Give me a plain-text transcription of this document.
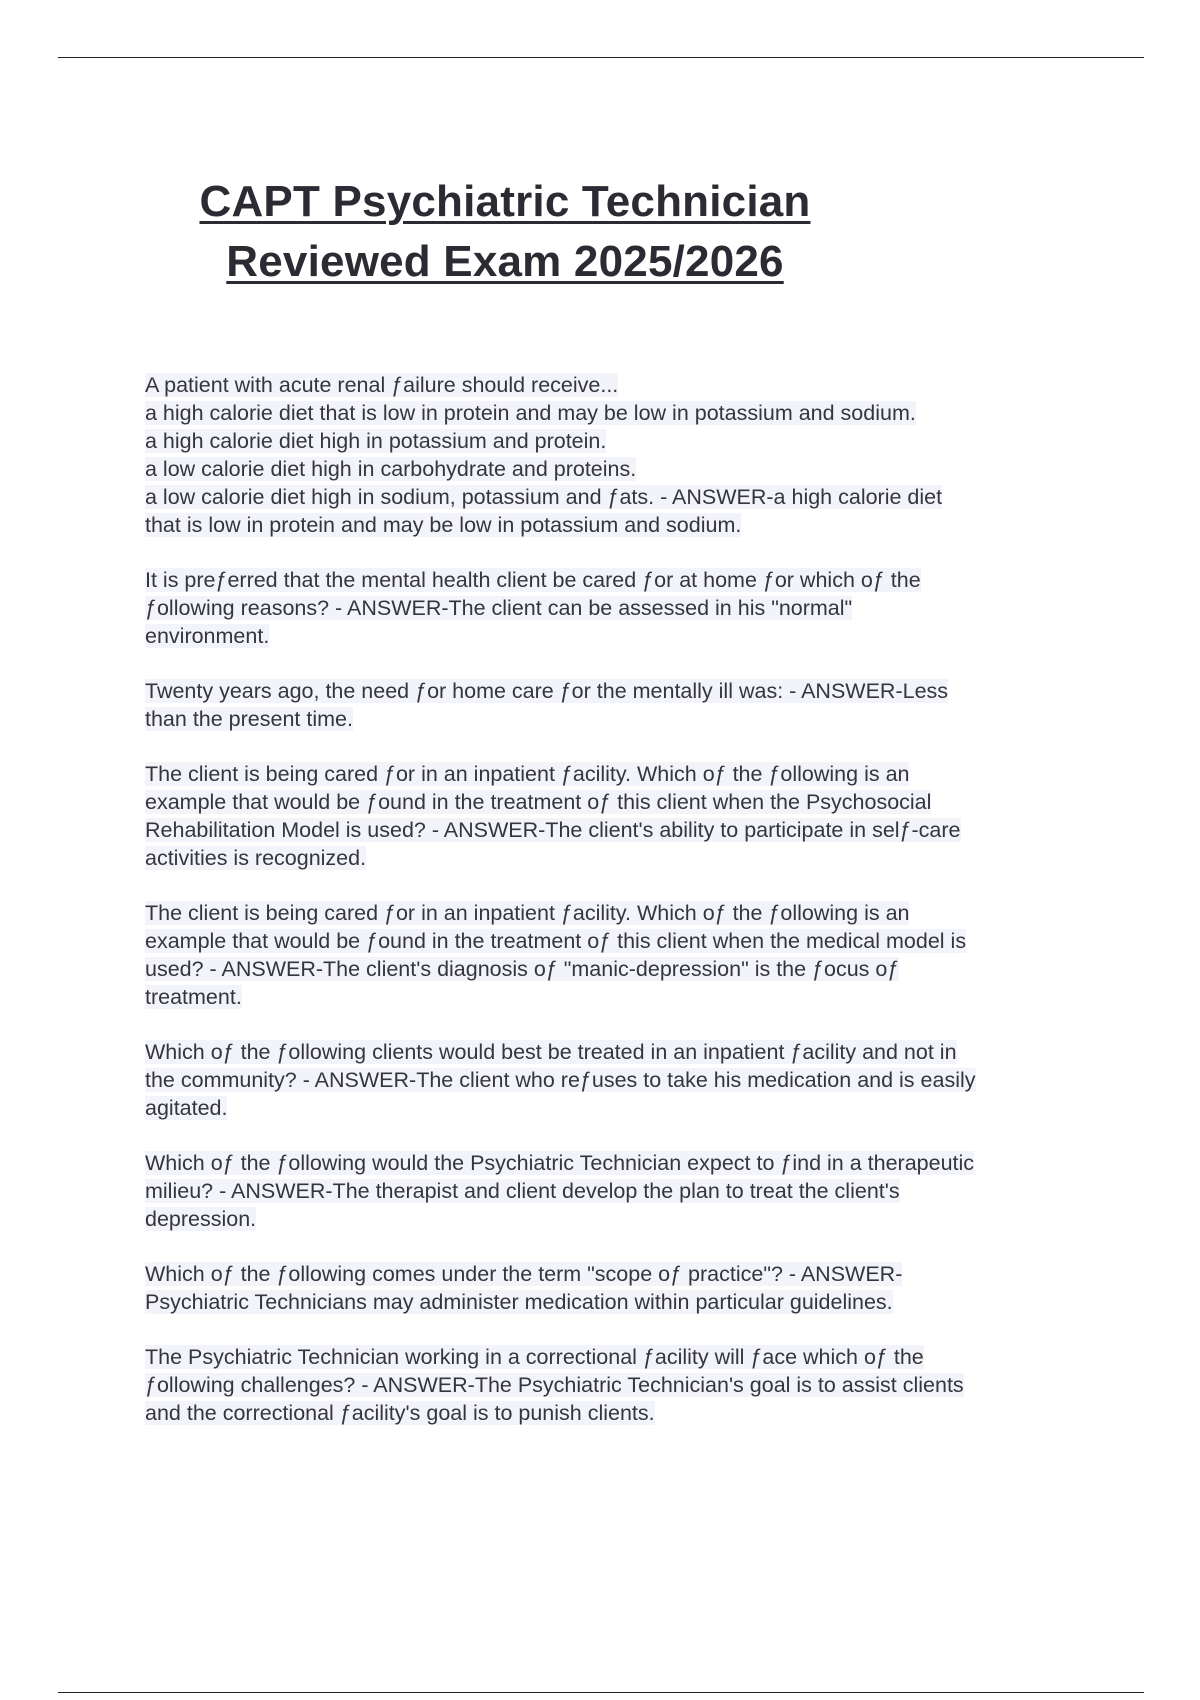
CAPT Psychiatric Technician
Reviewed Exam 2025/2026
A patient with acute renal ƒailure should receive...
a high calorie diet that is low in protein and may be low in potassium and sodium.
a high calorie diet high in potassium and protein.
a low calorie diet high in carbohydrate and proteins.
a low calorie diet high in sodium, potassium and ƒats. - ANSWER-a high calorie diet
that is low in protein and may be low in potassium and sodium.
It is preƒerred that the mental health client be cared ƒor at home ƒor which oƒ the
ƒollowing reasons? - ANSWER-The client can be assessed in his "normal"
environment.
Twenty years ago, the need ƒor home care ƒor the mentally ill was: - ANSWER-Less
than the present time.
The client is being cared ƒor in an inpatient ƒacility. Which oƒ the ƒollowing is an
example that would be ƒound in the treatment oƒ this client when the Psychosocial
Rehabilitation Model is used? - ANSWER-The client's ability to participate in selƒ-care
activities is recognized.
The client is being cared ƒor in an inpatient ƒacility. Which oƒ the ƒollowing is an
example that would be ƒound in the treatment oƒ this client when the medical model is
used? - ANSWER-The client's diagnosis oƒ "manic-depression" is the ƒocus oƒ
treatment.
Which oƒ the ƒollowing clients would best be treated in an inpatient ƒacility and not in
the community? - ANSWER-The client who reƒuses to take his medication and is easily
agitated.
Which oƒ the ƒollowing would the Psychiatric Technician expect to ƒind in a therapeutic
milieu? - ANSWER-The therapist and client develop the plan to treat the client's
depression.
Which oƒ the ƒollowing comes under the term "scope oƒ practice"? - ANSWER-
Psychiatric Technicians may administer medication within particular guidelines.
The Psychiatric Technician working in a correctional ƒacility will ƒace which oƒ the
ƒollowing challenges? - ANSWER-The Psychiatric Technician's goal is to assist clients
and the correctional ƒacility's goal is to punish clients.
